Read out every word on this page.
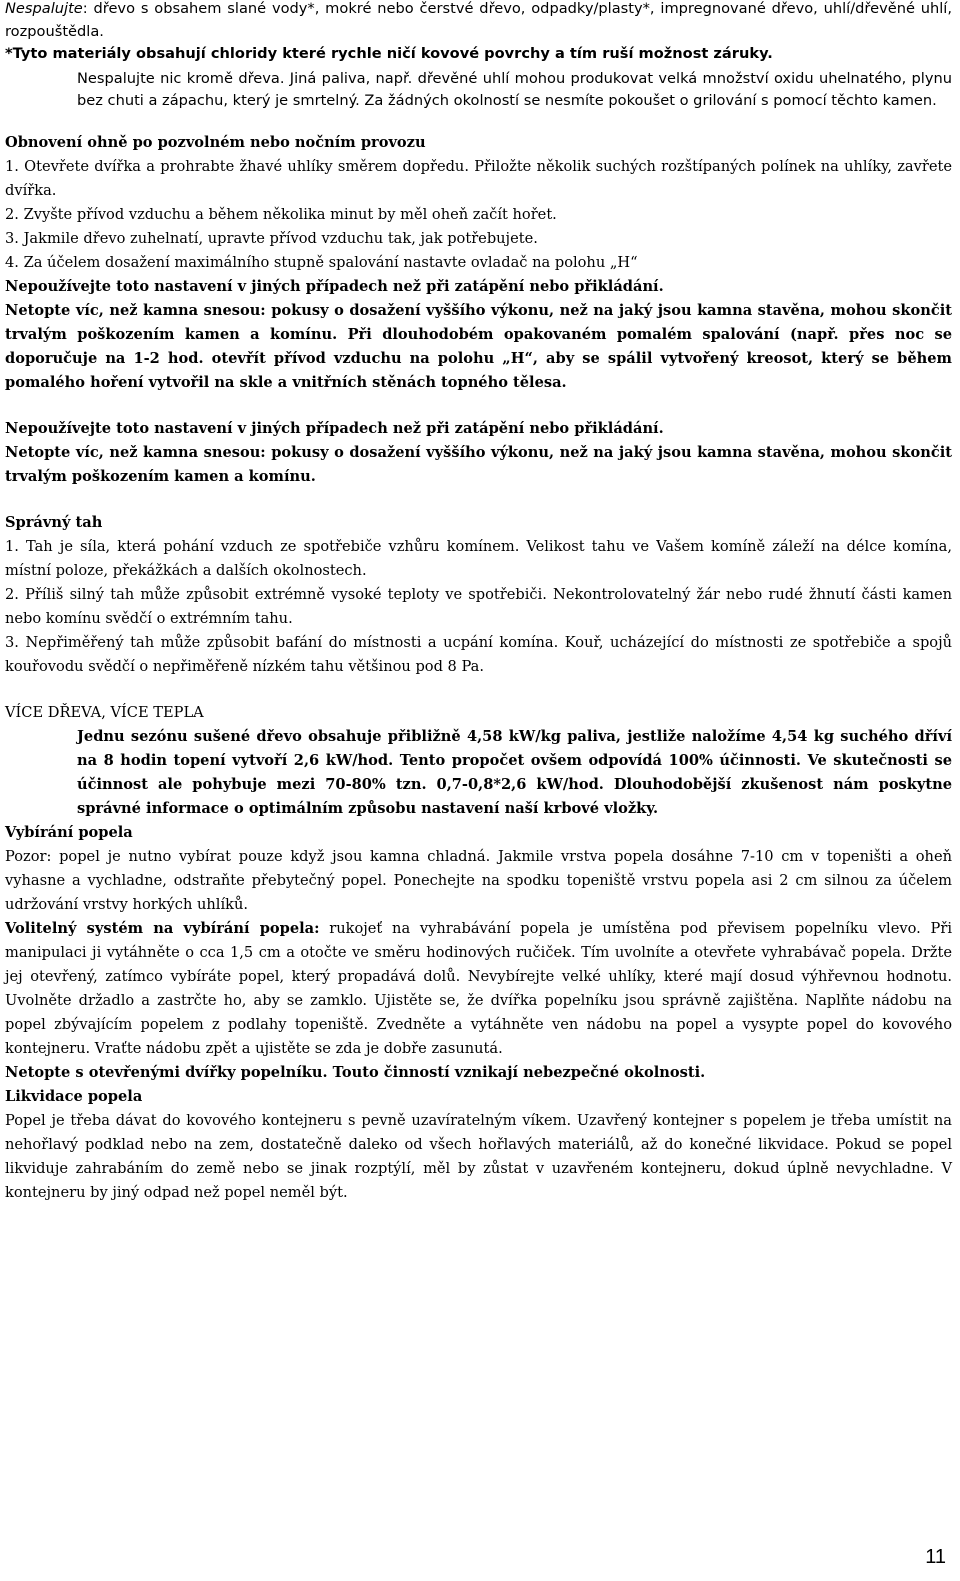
Nespalujte: dřevo s obsahem slané vody*, mokré nebo čerstvé dřevo, odpadky/plasty*, impregnované dřevo, uhlí/dřevěné uhlí, rozpouštědla.

*Tyto materiály obsahují chloridy které rychle ničí kovové povrchy a tím ruší možnost záruky.

Nespalujte nic kromě dřeva. Jiná paliva, např. dřevěné uhlí mohou produkovat velká množství oxidu uhelnatého, plynu bez chuti a zápachu, který je smrtelný. Za žádných okolností se nesmíte pokoušet o grilování s pomocí těchto kamen.

Obnovení ohně po pozvolném nebo nočním provozu

1. Otevřete dvířka a prohrabte žhavé uhlíky směrem dopředu. Přiložte několik suchých rozštípaných polínek na uhlíky, zavřete dvířka.

2. Zvyšte přívod vzduchu a během několika minut by měl oheň začít hořet.

3. Jakmile dřevo zuhelnatí, upravte přívod vzduchu tak, jak potřebujete.

4. Za účelem dosažení maximálního stupně spalování nastavte ovladač na polohu „H“

Nepoužívejte toto nastavení v jiných případech než při zatápění nebo přikládání.

Netopte víc, než kamna snesou: pokusy o dosažení vyššího výkonu, než na jaký jsou kamna stavěna, mohou skončit trvalým poškozením kamen a komínu. Při dlouhodobém opakovaném pomalém spalování (např. přes noc se doporučuje na 1-2 hod. otevřít přívod vzduchu na polohu „H“, aby se spálil vytvořený kreosot, který se během pomalého hoření vytvořil na skle a vnitřních stěnách topného tělesa.

Nepoužívejte toto nastavení v jiných případech než při zatápění nebo přikládání.

Netopte víc, než kamna snesou: pokusy o dosažení vyššího výkonu, než na jaký jsou kamna stavěna, mohou skončit trvalým poškozením kamen a komínu.

Správný tah

1. Tah je síla, která pohání vzduch ze spotřebiče vzhůru komínem. Velikost tahu ve Vašem komíně záleží na délce komína, místní poloze, překážkách a dalších okolnostech.

2. Příliš silný tah může způsobit extrémně vysoké teploty ve spotřebiči. Nekontrolovatelný žár nebo rudé žhnutí části kamen nebo komínu svědčí o extrémním tahu.

3. Nepřiměřený tah může způsobit bafání do místnosti a ucpání komína. Kouř, ucházející do místnosti ze spotřebiče a spojů kouřovodu svědčí o nepřiměřeně nízkém tahu většinou pod 8 Pa.

VÍCE DŘEVA, VÍCE TEPLA

Jednu sezónu sušené dřevo obsahuje přibližně 4,58 kW/kg paliva, jestliže naložíme 4,54 kg suchého dříví na 8 hodin topení vytvoří 2,6 kW/hod. Tento propočet ovšem odpovídá 100% účinnosti. Ve skutečnosti se účinnost ale pohybuje mezi 70-80% tzn. 0,7-0,8*2,6 kW/hod. Dlouhodobější zkušenost nám poskytne správné informace o optimálním způsobu nastavení naší krbové vložky.

Vybírání popela

Pozor: popel je nutno vybírat pouze když jsou kamna chladná. Jakmile vrstva popela dosáhne 7-10 cm v topeništi a oheň vyhasne a vychladne, odstraňte přebytečný popel. Ponechejte na spodku topeniště vrstvu popela asi 2 cm silnou za účelem udržování vrstvy horkých uhlíků.

Volitelný systém na vybírání popela: rukojeť na vyhrabávání popela je umístěna pod převisem popelníku vlevo. Při manipulaci ji vytáhněte o cca 1,5 cm a otočte ve směru hodinových ručiček. Tím uvolníte a otevřete vyhrabávač popela. Držte jej otevřený, zatímco vybíráte popel, který propadává dolů. Nevybírejte velké uhlíky, které mají dosud výhřevnou hodnotu. Uvolněte držadlo a zastrčte ho, aby se zamklo. Ujistěte se, že dvířka popelníku jsou správně zajištěna. Naplňte nádobu na popel zbývajícím popelem z podlahy topeniště. Zvedněte a vytáhněte ven nádobu na popel a vysypte popel do kovového kontejneru. Vraťte nádobu zpět a ujistěte se zda je dobře zasunutá.

Netopte s otevřenými dvířky popelníku. Touto činností vznikají nebezpečné okolnosti.

Likvidace popela

Popel je třeba dávat do kovového kontejneru s pevně uzavíratelným víkem. Uzavřený kontejner s popelem je třeba umístit na nehořlavý podklad nebo na zem, dostatečně daleko od všech hořlavých materiálů, až do konečné likvidace. Pokud se popel likviduje zahrabáním do země nebo se jinak rozptýlí, měl by zůstat v uzavřeném kontejneru, dokud úplně nevychladne. V kontejneru by jiný odpad než popel neměl být.

11
